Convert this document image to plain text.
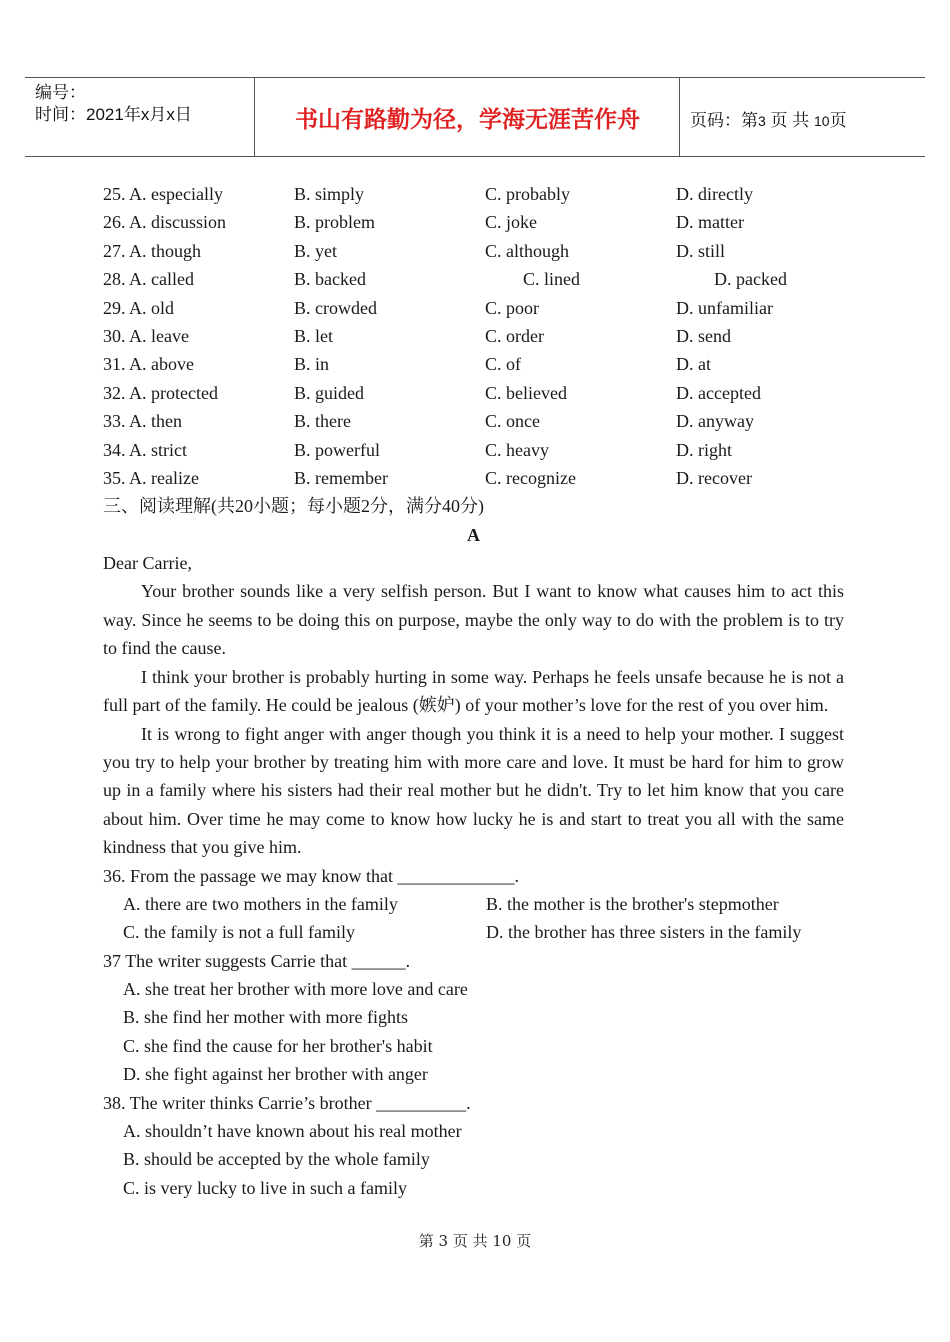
编号：
时间：2021年x月x日	书山有路勤为径，学海无涯苦作舟	页码：第3 页 共 10页
25. A. especially	B. simply	C. probably	D. directly
26. A. discussion	B. problem	C. joke	D. matter
27. A. though	B. yet	C. although	D. still
28. A. called	B. backed	C. lined	D. packed
29. A. old	B. crowded	C. poor	D. unfamiliar
30. A. leave	B. let	C. order	D. send
31. A. above	B. in	C. of	D. at
32. A. protected	B. guided	C. believed	D. accepted
33. A. then	B. there	C. once	D. anyway
34. A. strict	B. powerful	C. heavy	D. right
35. A. realize	B. remember	C. recognize	D. recover
三、阅读理解(共20小题；每小题2分，满分40分)
A
Dear Carrie,
Your brother sounds like a very selfish person. But I want to know what causes him to act this way. Since he seems to be doing this on purpose, maybe the only way to do with the problem is to try to find the cause.
I think your brother is probably hurting in some way. Perhaps he feels unsafe because he is not a full part of the family. He could be jealous (嫉妒) of your mother’s love for the rest of you over him.
It is wrong to fight anger with anger though you think it is a need to help your mother. I suggest you try to help your brother by treating him with more care and love. It must be hard for him to grow up in a family where his sisters had their real mother but he didn't. Try to let him know that you care about him. Over time he may come to know how lucky he is and start to treat you all with the same kindness that you give him.
36. From the passage we may know that _____________.
A. there are two mothers in the family	B. the mother is the brother's stepmother
C. the family is not a full family	D. the brother has three sisters in the family
37 The writer suggests Carrie that ______.
A. she treat her brother with more love and care
B. she find her mother with more fights
C. she find the cause for her brother's habit
D. she fight against her brother with anger
38. The writer thinks Carrie’s brother __________.
A. shouldn’t have known about his real mother
B. should be accepted by the whole family
C. is very lucky to live in such a family
第 3 页 共 10 页
